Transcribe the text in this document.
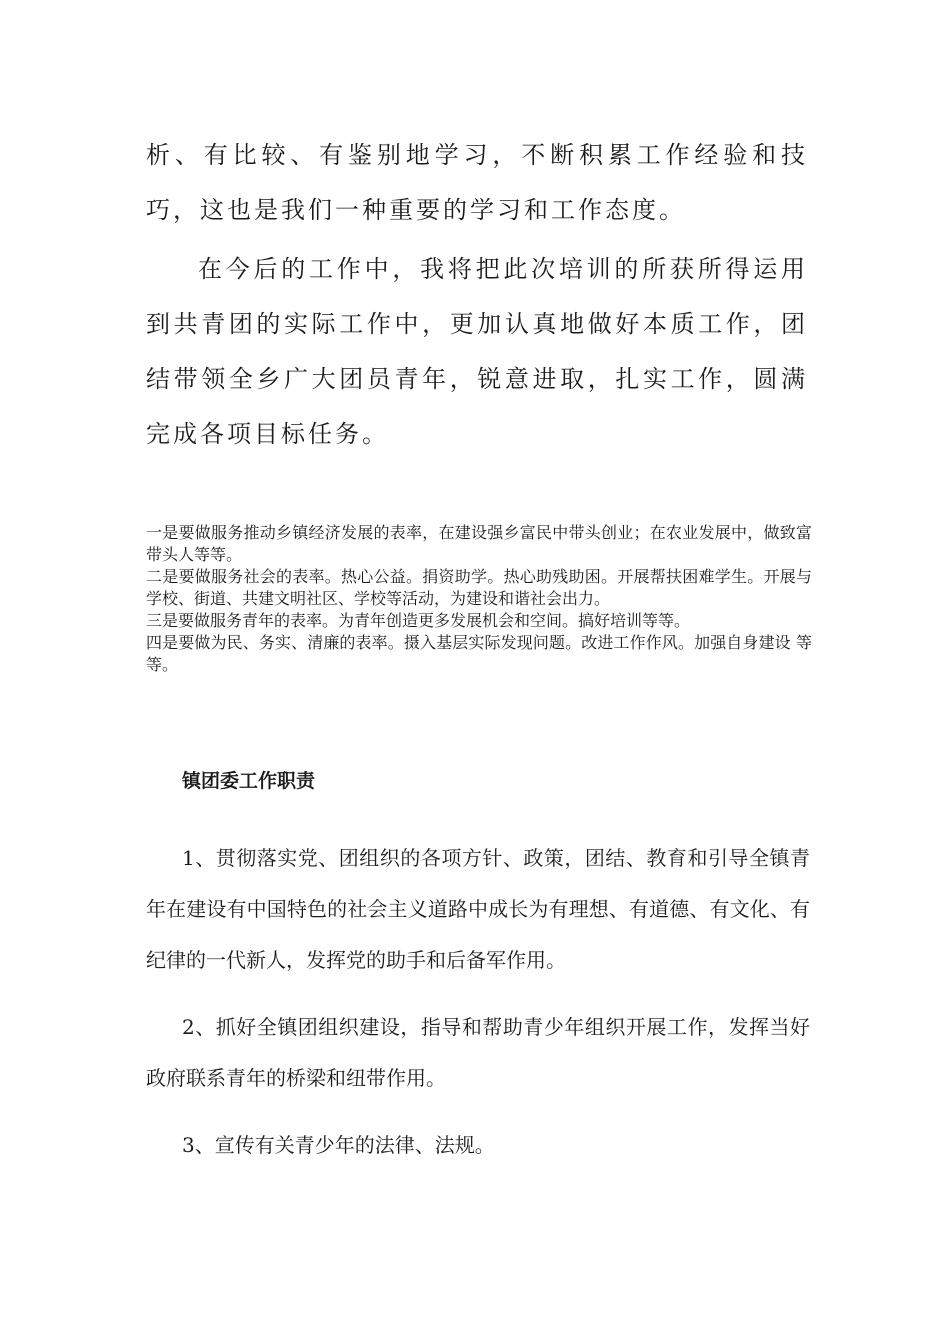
析、有比较、有鉴别地学习，不断积累工作经验和技巧，这也是我们一种重要的学习和工作态度。

在今后的工作中，我将把此次培训的所获所得运用到共青团的实际工作中，更加认真地做好本质工作，团结带领全乡广大团员青年，锐意进取，扎实工作，圆满完成各项目标任务。

一是要做服务推动乡镇经济发展的表率，在建设强乡富民中带头创业；在农业发展中，做致富带头人等等。

二是要做服务社会的表率。热心公益。捐资助学。热心助残助困。开展帮扶困难学生。开展与学校、街道、共建文明社区、学校等活动，为建设和谐社会出力。

三是要做服务青年的表率。为青年创造更多发展机会和空间。搞好培训等等。

四是要做为民、务实、清廉的表率。摄入基层实际发现问题。改进工作作风。加强自身建设 等等。

镇团委工作职责

1、贯彻落实党、团组织的各项方针、政策，团结、教育和引导全镇青年在建设有中国特色的社会主义道路中成长为有理想、有道德、有文化、有纪律的一代新人，发挥党的助手和后备军作用。

2、抓好全镇团组织建设，指导和帮助青少年组织开展工作，发挥当好政府联系青年的桥梁和纽带作用。

3、宣传有关青少年的法律、法规。
